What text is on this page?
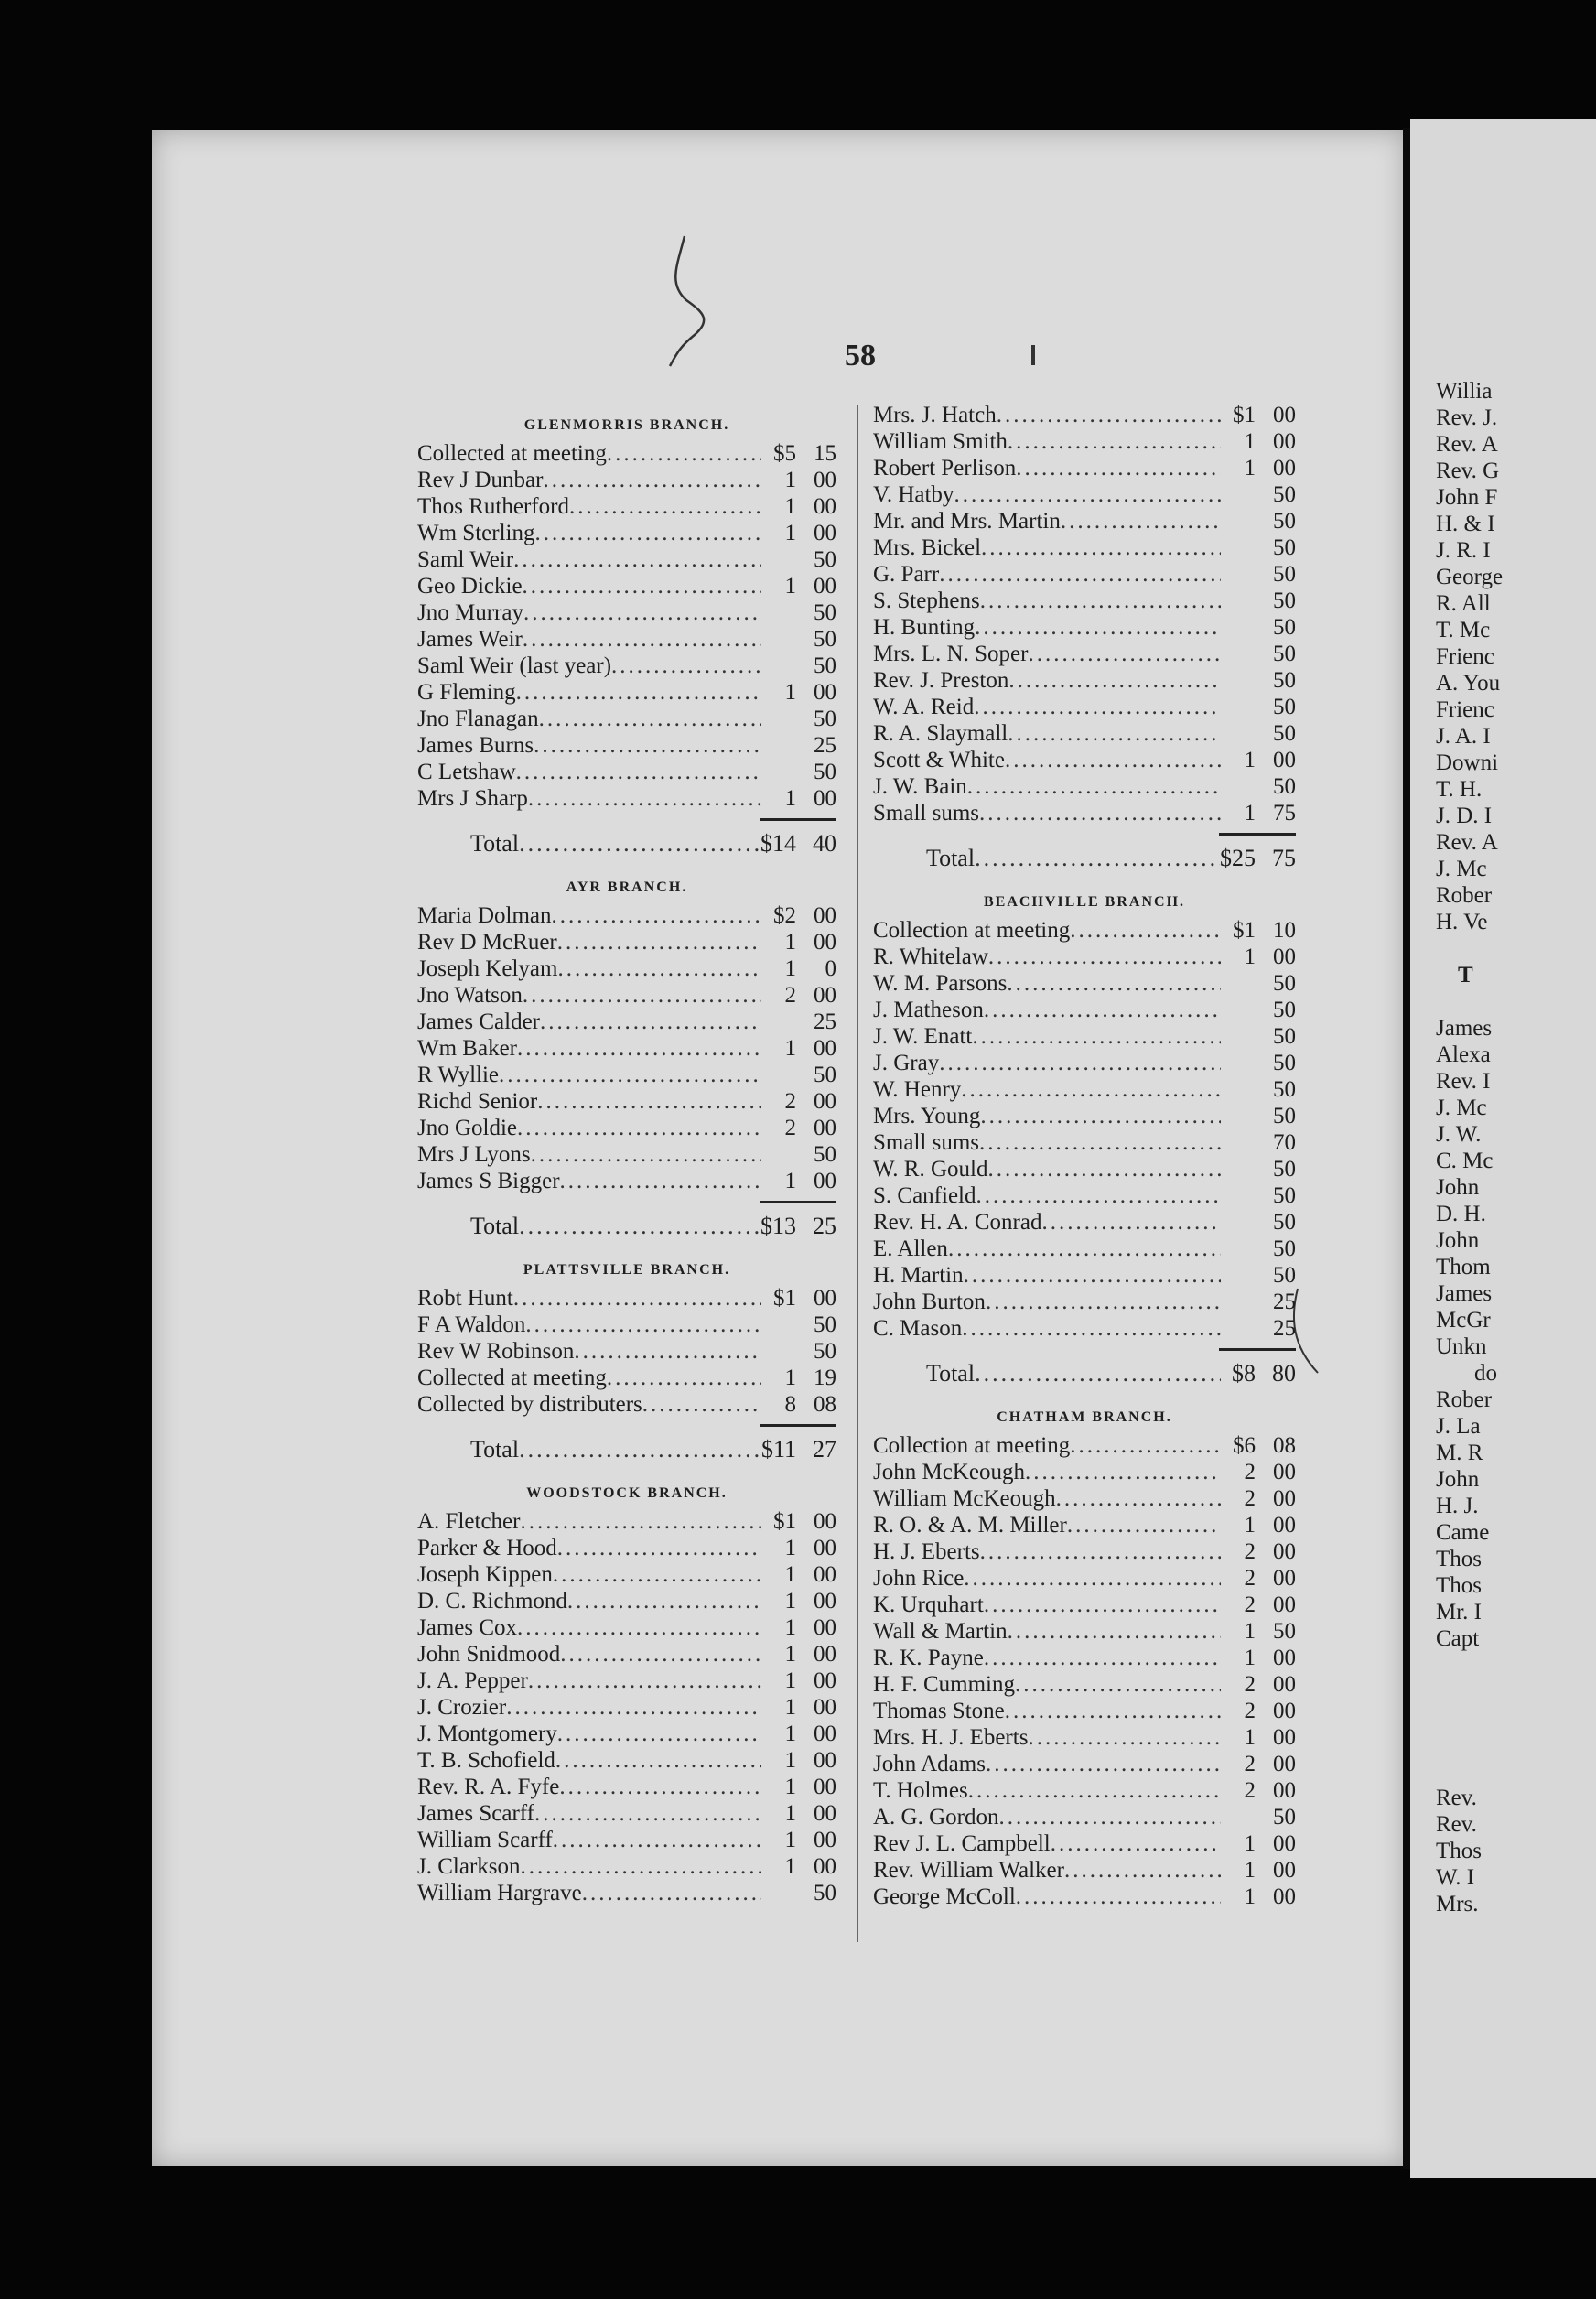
Willia
Rev. J.
Rev. A
Rev. G
John F
H. & I
J. R. I
George
R. All
T. Mc
Frienc
A. You
Frienc
J. A. I
Downi
T. H.
J. D. I
Rev. A
J. Mc
Rober
H. Ve
T
James
Alexa
Rev. I
J. Mc
J. W.
C. Mc
John
D. H.
John
Thom
James
McGr
Unkn
do
Rober
J. La
M. R
John
H. J.
Came
Thos
Thos
Mr. I
Capt
Rev.
Rev.
Thos
W. I
Mrs.
58
GLENMORRIS BRANCH.
Collected at meeting .....	$5 15
Rev J Dunbar .....	1 00
Thos Rutherford .....	1 00
Wm Sterling .....	1 00
Saml Weir .....	50
Geo Dickie .....	1 00
Jno Murray .....	50
James Weir .....	50
Saml Weir (last year) .....	50
G Fleming .....	1 00
Jno Flanagan .....	50
James Burns .....	25
C Letshaw .....	50
Mrs J Sharp .....	1 00
Total .....	$14 40
AYR BRANCH.
Maria Dolman .....	$2 00
Rev D McRuer .....	1 00
Joseph Kelyam .....	1	0
Jno Watson .....	2 00
James Calder .....	25
Wm Baker .....	1 00
R Wyllie .....	50
Richd Senior .....	2 00
Jno Goldie .....	2 00
Mrs J Lyons .....	50
James S Bigger .....	1 00
Total .....	$13 25
PLATTSVILLE BRANCH.
Robt Hunt .....	$1 00
F A Waldon .....	50
Rev W Robinson .....	50
Collected at meeting .....	1 19
Collected by distributers .....	8 08
Total .....	$11 27
WOODSTOCK BRANCH.
A. Fletcher .....	$1 00
Parker & Hood .....	1 00
Joseph Kippen .....	1 00
D. C. Richmond .....	1 00
James Cox .....	1 00
John Snidmood .....	1 00
J. A. Pepper .....	1 00
J. Crozier .....	1 00
J. Montgomery .....	1 00
T. B. Schofield .....	1 00
Rev. R. A. Fyfe .....	1 00
James Scarff .....	1 00
William Scarff .....	1 00
J. Clarkson .....	1 00
William Hargrave .....	50
Mrs. J. Hatch .....	$1 00
William Smith .....	1 00
Robert Perlison .....	1 00
V. Hatby .....	50
Mr. and Mrs. Martin .....	50
Mrs. Bickel .....	50
G. Parr .....	50
S. Stephens .....	50
H. Bunting .....	50
Mrs. L. N. Soper .....	50
Rev. J. Preston .....	50
W. A. Reid .....	50
R. A. Slaymall .....	50
Scott & White .....	1 00
J. W. Bain .....	50
Small sums .....	1 75
Total .....	$25 75
BEACHVILLE BRANCH.
Collection at meeting .....	$1 10
R. Whitelaw .....	1 00
W. M. Parsons .....	50
J. Matheson .....	50
J. W. Enatt .....	50
J. Gray .....	50
W. Henry .....	50
Mrs. Young .....	50
Small sums .....	70
W. R. Gould .....	50
S. Canfield .....	50
Rev. H. A. Conrad .....	50
E. Allen .....	50
H. Martin .....	50
John Burton .....	25
C. Mason .....	25
Total .....	$8 80
CHATHAM BRANCH.
Collection at meeting .....	$6 08
John McKeough .....	2 00
William McKeough .....	2 00
R. O. & A. M. Miller .....	1 00
H. J. Eberts .....	2 00
John Rice .....	2 00
K. Urquhart .....	2 00
Wall & Martin .....	1 50
R. K. Payne .....	1 00
H. F. Cumming .....	2 00
Thomas Stone .....	2 00
Mrs. H. J. Eberts .....	1 00
John Adams .....	2 00
T. Holmes .....	2 00
A. G. Gordon .....	50
Rev J. L. Campbell .....	1 00
Rev. William Walker .....	1 00
George McColl .....	1 00
